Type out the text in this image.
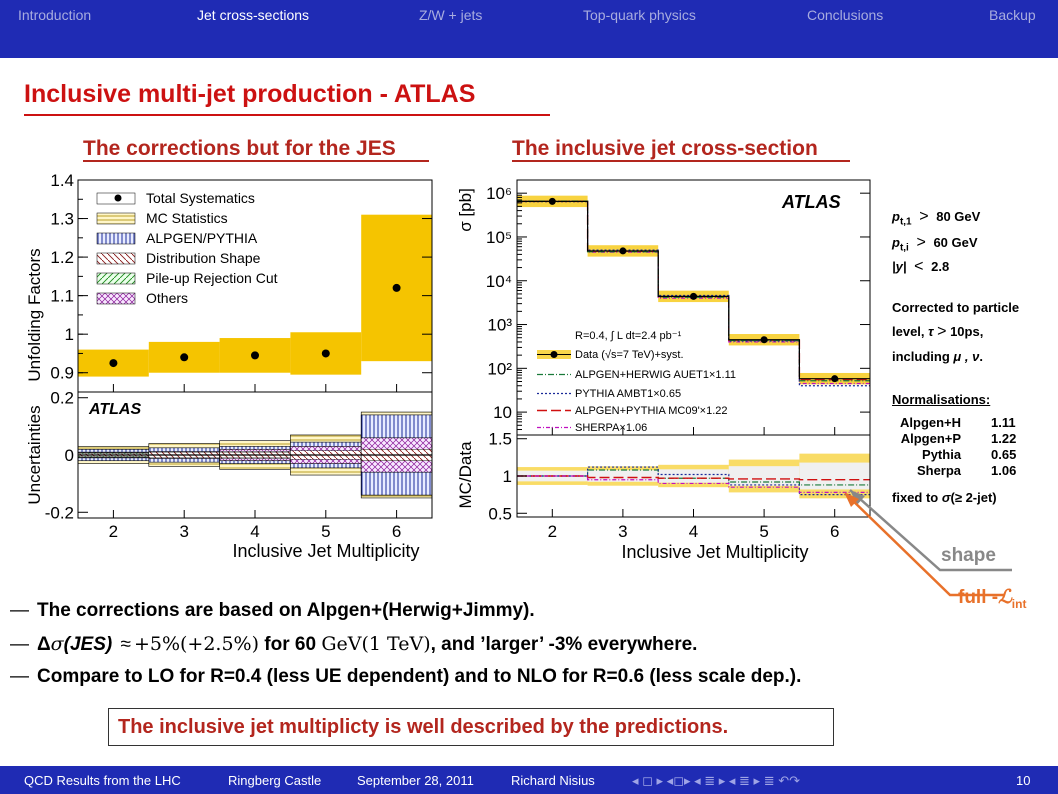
Introduction	Jet cross-sections	Z/W + jets	Top-quark physics	Conclusions	Backup
Inclusive multi-jet production - ATLAS
The corrections but for the JES	The inclusive jet cross-section
Unfolding Factors
Uncertainties
0.9
1
1.1
1.2
1.3
1.4
-0.2
0
0.2
2	3	4	5	6
Total Systematics
MC Statistics
ALPGEN/PYTHIA
Distribution Shape
Pile-up Rejection Cut
Others
ATLAS
Inclusive Jet Multiplicity
σ [pb]
MC/Data
10
10²
10³
10⁴
10⁵
10⁶
0.5
1
1.5
2	3	4	5	6
ATLAS
R=0.4, ∫ L dt=2.4 pb⁻¹
Data (√s=7 TeV)+syst.
ALPGEN+HERWIG AUET1×1.11
PYTHIA AMBT1×0.65
ALPGEN+PYTHIA MC09'×1.22
SHERPA×1.06
Inclusive Jet Multiplicity
$p_{t,1} > 80$ GeV
$p_{t,i} > 60$ GeV
|y| < 2.8
Corrected to particle
level, τ > 10ps,
including μ , ν.
Normalisations:
Alpgen+H	1.11
Alpgen+P	1.22
Pythia	0.65
Sherpa	1.06
fixed to σ(≥ 2-jet)
shape
full -ℒ$_{int}$
— The corrections are based on Alpgen+(Herwig+Jimmy).
— Δσ(JES) ≈ +5%(+2.5%) for 60 GeV(1 TeV), and ’larger’ -3% everywhere.
— Compare to LO for R=0.4 (less UE dependent) and to NLO for R=0.6 (less scale dep.).
The inclusive jet multiplicty is well described by the predictions.
QCD Results from the LHC	Ringberg Castle	September 28, 2011	Richard Nisius	◂ ◻ ▸ ◂◻▸ ◂ ≣ ▸ ◂ ≣ ▸ ≣ ↶↷	10
